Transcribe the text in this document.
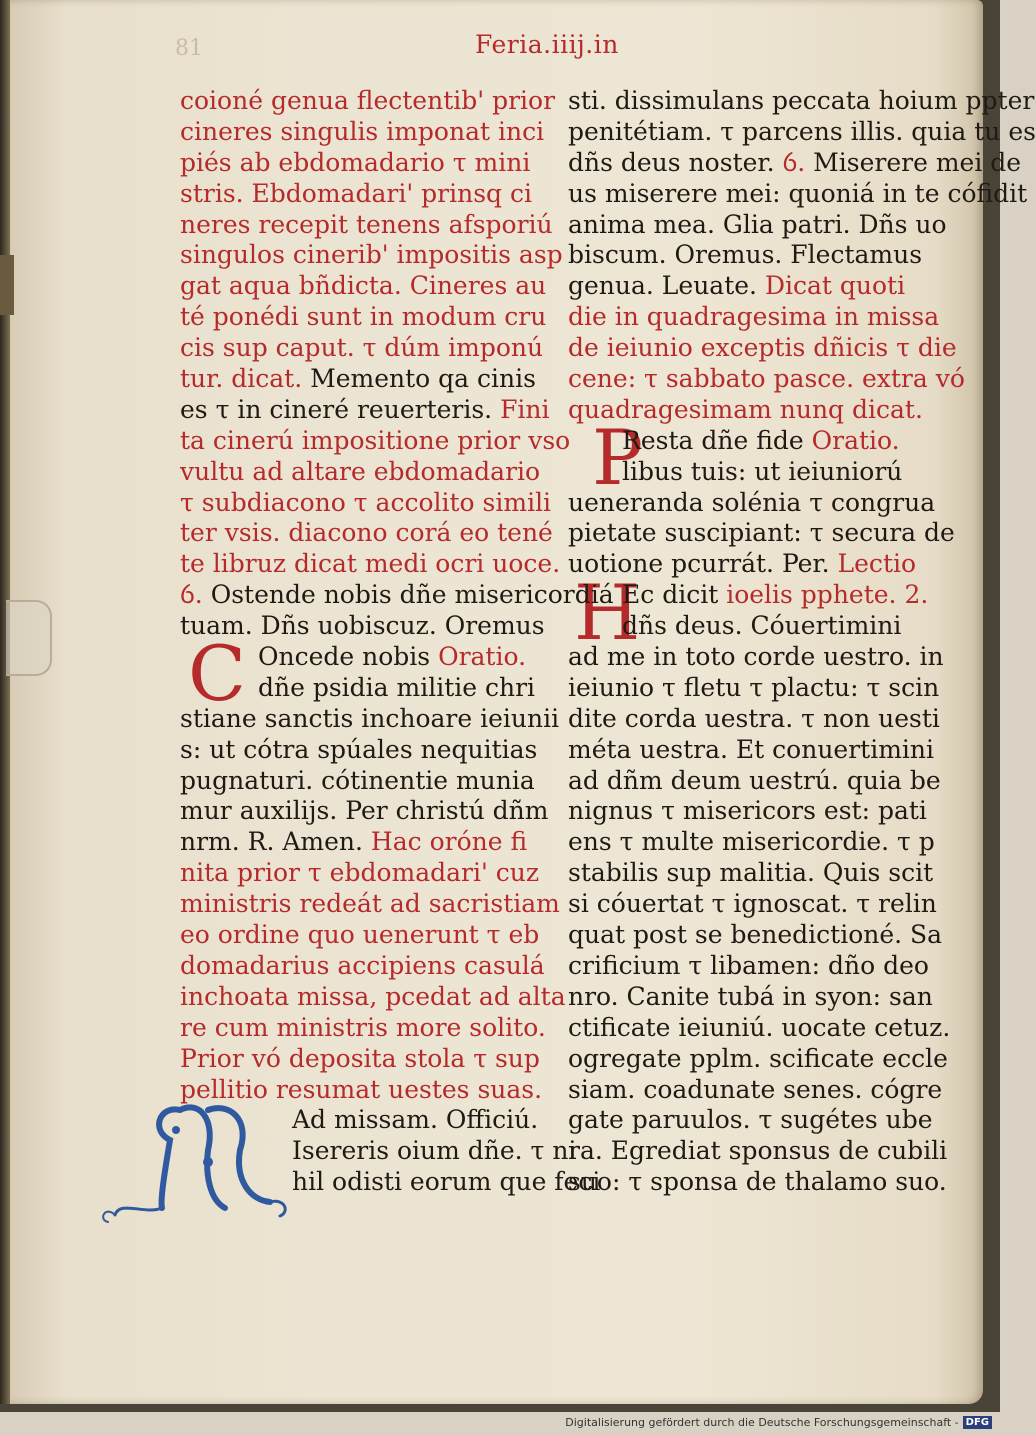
81	Feria.iiij.in
C
P
H
coioné genua flectentib' prior
cineres singulis imponat inci
piés ab ebdomadario τ mini
stris. Ebdomadari' prinsq ci
neres recepit tenens afsporiú
singulos cinerib' impositis asp
gat aqua bñdicta. Cineres au
té ponédi sunt in modum cru
cis sup caput. τ dúm imponú
tur. dicat. Memento qa cinis
es τ in cineré reuerteris. Fini
ta cinerú impositione prior vso
vultu ad altare ebdomadario
τ subdiacono τ accolito simili
ter vsis. diacono corá eo tené
te libruz dicat medi ocri uoce.
ỽ. Ostende nobis dñe misericordiá
tuam. Dñs uobiscuz. Oremus
Oncede nobis Oratio.
dñe psidia militie chri
stiane sanctis inchoare ieiunii
s: ut cótra spúales nequitias
pugnaturi. cótinentie munia
mur auxilijs. Per christú dñm
nrm. R. Amen. Hac oróne fi
nita prior τ ebdomadari' cuz
ministris redeát ad sacristiam
eo ordine quo uenerunt τ eb
domadarius accipiens casulá
inchoata missa, pcedat ad alta
re cum ministris more solito.
Prior vó deposita stola τ sup
pellitio resumat uestes suas.
Ad missam. Officiú.
Isereris oium dñe. τ ni
hil odisti eorum que feci
sti. dissimulans peccata hoium ppter
penitétiam. τ parcens illis. quia tu es
dñs deus noster. ỽ. Miserere mei de
us miserere mei: quoniá in te cófidit
anima mea. Glia patri. Dñs uo
biscum. Oremus. Flectamus
genua. Leuate. Dicat quoti
die in quadragesima in missa
de ieiunio exceptis dñicis τ die
cene: τ sabbato pasce. extra vó
quadragesimam nunq dicat.
Resta dñe fide Oratio.
libus tuis: ut ieiuniorú
ueneranda solénia τ congrua
pietate suscipiant: τ secura de
uotione pcurrát. Per. Lectio
Ec dicit ioelis pphete. 2.
dñs deus. Cóuertimini
ad me in toto corde uestro. in
ieiunio τ fletu τ plactu: τ scin
dite corda uestra. τ non uesti
méta uestra. Et conuertimini
ad dñm deum uestrú. quia be
nignus τ misericors est: pati
ens τ multe misericordie. τ p
stabilis sup malitia. Quis scit
si cóuertat τ ignoscat. τ relin
quat post se benedictioné. Sa
crificium τ libamen: dño deo
nro. Canite tubá in syon: san
ctificate ieiuniú. uocate cetuz.
ogregate pplm. scificate eccle
siam. coadunate senes. cógre
gate paruulos. τ sugétes ube
ra. Egrediat sponsus de cubili
suo: τ sponsa de thalamo suo.
Digitalisierung gefördert durch die Deutsche Forschungsgemeinschaft - DFG
